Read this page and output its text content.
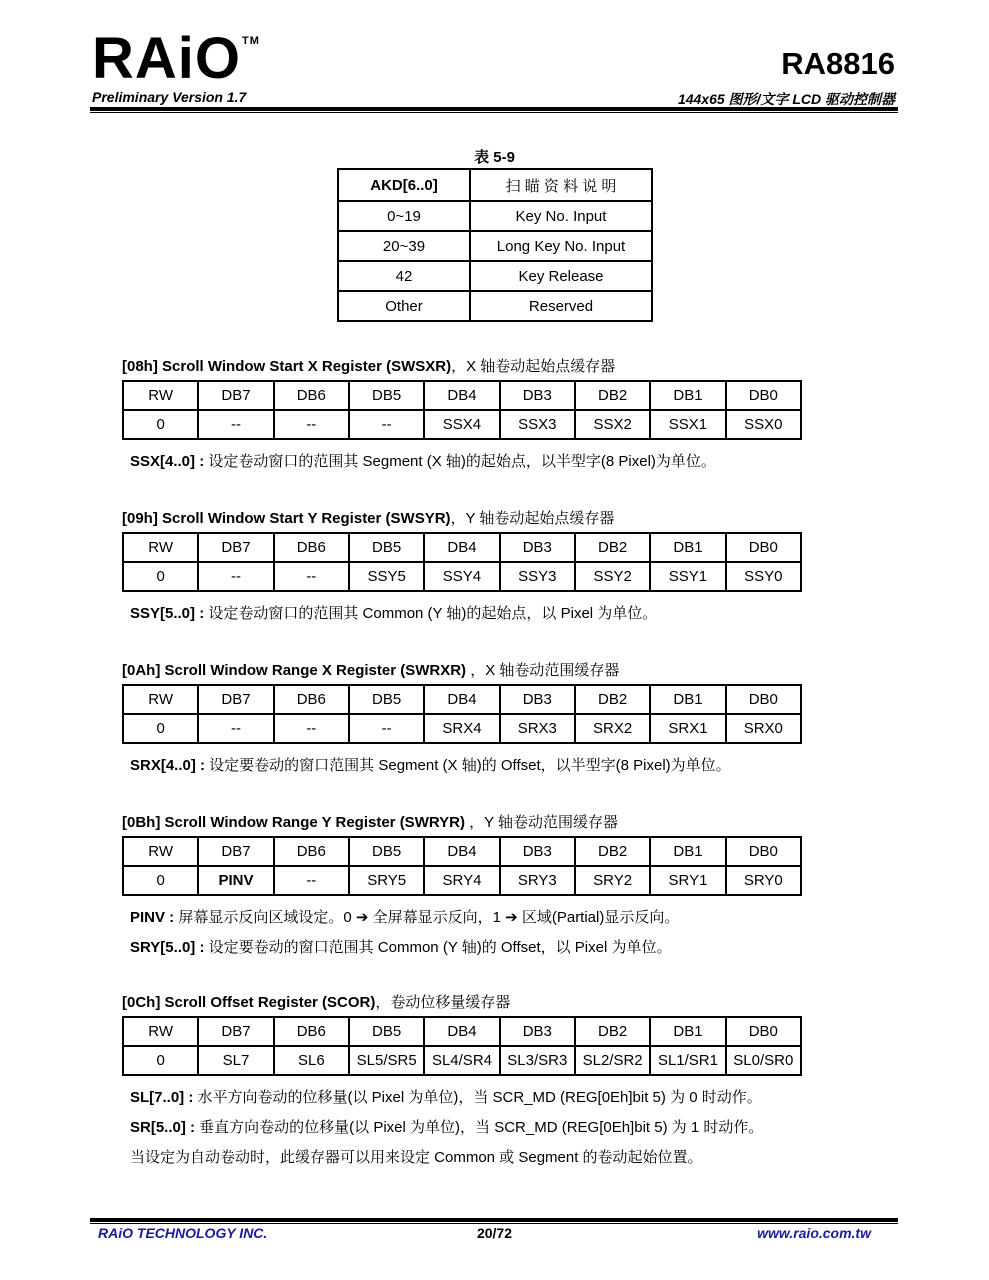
RAiO TM
RA8816
Preliminary Version 1.7	144x65 图形/文字 LCD 驱动控制器
表 5-9
AKD[6..0]	扫 瞄 资 料 说 明
0~19	Key No. Input
20~39	Long Key No. Input
42	Key Release
Other	Reserved
[08h] Scroll Window Start X Register (SWSXR)，X 轴卷动起始点缓存器
RW	DB7	DB6	DB5	DB4	DB3	DB2	DB1	DB0
0	--	--	--	SSX4	SSX3	SSX2	SSX1	SSX0
SSX[4..0] : 设定卷动窗口的范围其 Segment (X 轴)的起始点，以半型字(8 Pixel)为单位。
[09h] Scroll Window Start Y Register (SWSYR)，Y 轴卷动起始点缓存器
RW	DB7	DB6	DB5	DB4	DB3	DB2	DB1	DB0
0	--	--	SSY5	SSY4	SSY3	SSY2	SSY1	SSY0
SSY[5..0] : 设定卷动窗口的范围其 Common (Y 轴)的起始点，以 Pixel 为单位。
[0Ah] Scroll Window Range X Register (SWRXR) ，X 轴卷动范围缓存器
RW	DB7	DB6	DB5	DB4	DB3	DB2	DB1	DB0
0	--	--	--	SRX4	SRX3	SRX2	SRX1	SRX0
SRX[4..0] : 设定要卷动的窗口范围其 Segment (X 轴)的 Offset，以半型字(8 Pixel)为单位。
[0Bh] Scroll Window Range Y Register (SWRYR) ，Y 轴卷动范围缓存器
RW	DB7	DB6	DB5	DB4	DB3	DB2	DB1	DB0
0	PINV	--	SRY5	SRY4	SRY3	SRY2	SRY1	SRY0
PINV : 屏幕显示反向区域设定。0 ➔ 全屏幕显示反向，1 ➔ 区域(Partial)显示反向。
SRY[5..0] : 设定要卷动的窗口范围其 Common (Y 轴)的 Offset，以 Pixel 为单位。
[0Ch] Scroll Offset Register (SCOR)，卷动位移量缓存器
RW	DB7	DB6	DB5	DB4	DB3	DB2	DB1	DB0
0	SL7	SL6	SL5/SR5	SL4/SR4	SL3/SR3	SL2/SR2	SL1/SR1	SL0/SR0
SL[7..0] : 水平方向卷动的位移量(以 Pixel 为单位)，当 SCR_MD (REG[0Eh]bit 5) 为 0 时动作。
SR[5..0] : 垂直方向卷动的位移量(以 Pixel 为单位)，当 SCR_MD (REG[0Eh]bit 5) 为 1 时动作。
当设定为自动卷动时，此缓存器可以用来设定 Common 或 Segment 的卷动起始位置。
RAiO TECHNOLOGY INC.	20/72	www.raio.com.tw
